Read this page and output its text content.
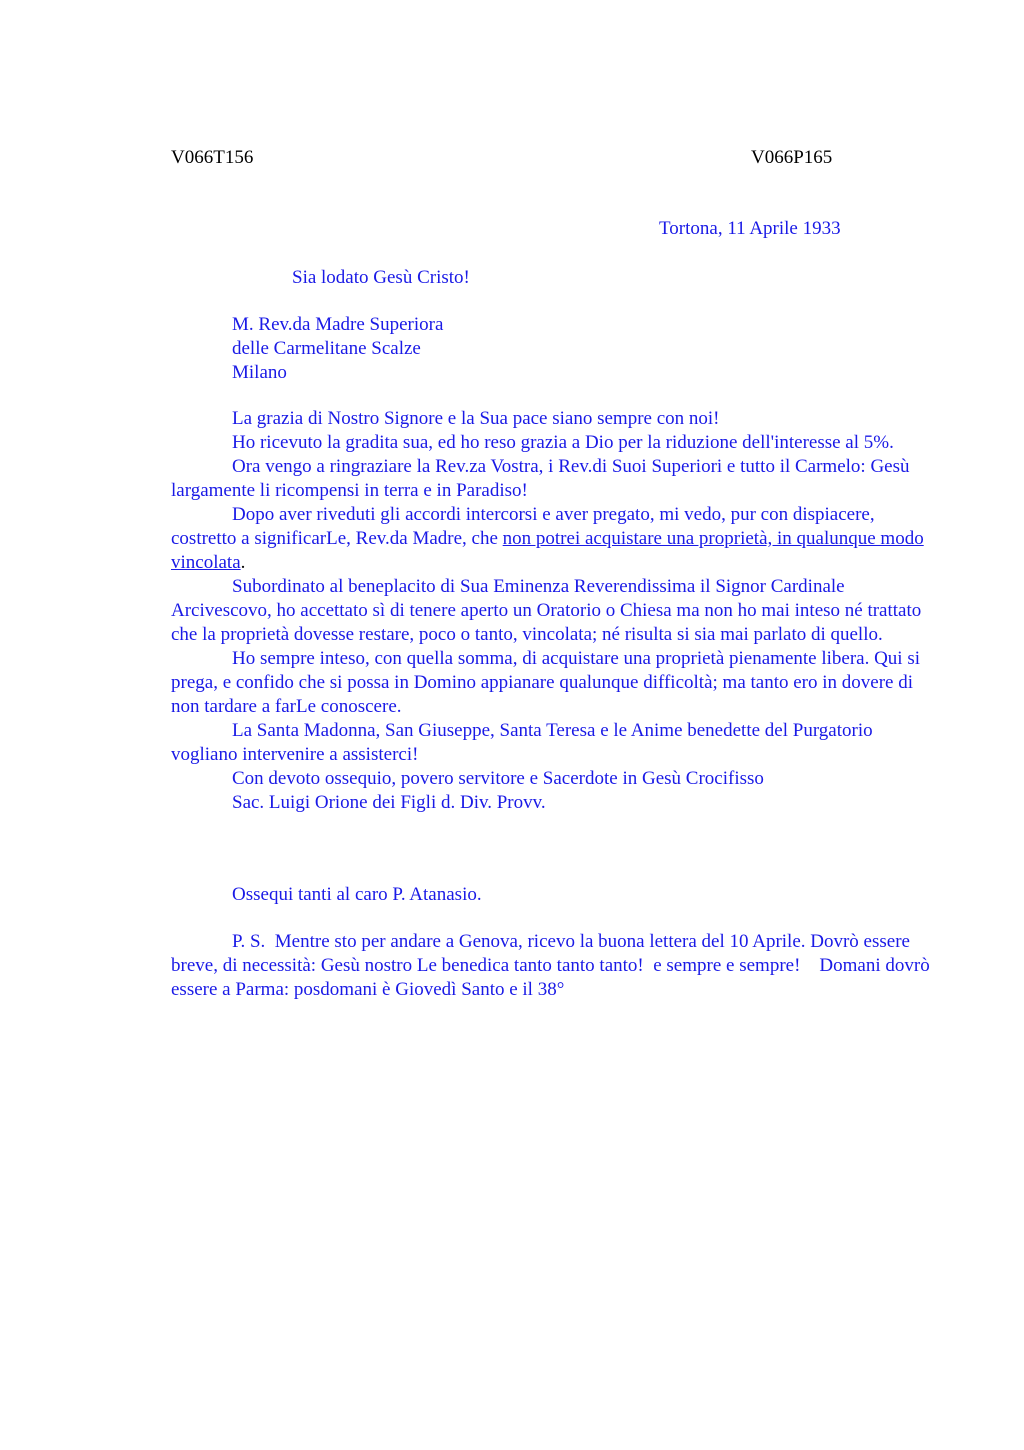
V066T156	V066P165
Tortona, 11 Aprile 1933
Sia lodato Gesù Cristo!
M. Rev.da Madre Superiora
delle Carmelitane Scalze
Milano

La grazia di Nostro Signore e la Sua pace siano sempre con noi!

Ho ricevuto la gradita sua, ed ho reso grazia a Dio per la riduzione dell'interesse al 5%.

Ora vengo a ringraziare la Rev.za Vostra, i Rev.di Suoi Superiori e tutto il Carmelo: Gesù largamente li ricompensi in terra e in Paradiso!

Dopo aver riveduti gli accordi intercorsi e aver pregato, mi vedo, pur con dispiacere, costretto a significarLe, Rev.da Madre, che non potrei acquistare una proprietà, in qualunque modo vincolata.

Subordinato al beneplacito di Sua Eminenza Reverendissima il Signor Cardinale Arcivescovo, ho accettato sì di tenere aperto un Oratorio o Chiesa ma non ho mai inteso né trattato che la proprietà dovesse restare, poco o tanto, vincolata; né risulta si sia mai parlato di quello.

Ho sempre inteso, con quella somma, di acquistare una proprietà pienamente libera. Qui si prega, e confido che si possa in Domino appianare qualunque difficoltà; ma tanto ero in dovere di non tardare a farLe conoscere.

La Santa Madonna, San Giuseppe, Santa Teresa e le Anime benedette del Purgatorio vogliano intervenire a assisterci!

Con devoto ossequio, povero servitore e Sacerdote in Gesù Crocifisso

Sac. Luigi Orione dei Figli d. Div. Provv.

Ossequi tanti al caro P. Atanasio.

P. S.  Mentre sto per andare a Genova, ricevo la buona lettera del 10 Aprile. Dovrò essere breve, di necessità: Gesù nostro Le benedica tanto tanto tanto!  e sempre e sempre!    Domani dovrò essere a Parma: posdomani è Giovedì Santo e il 38°
